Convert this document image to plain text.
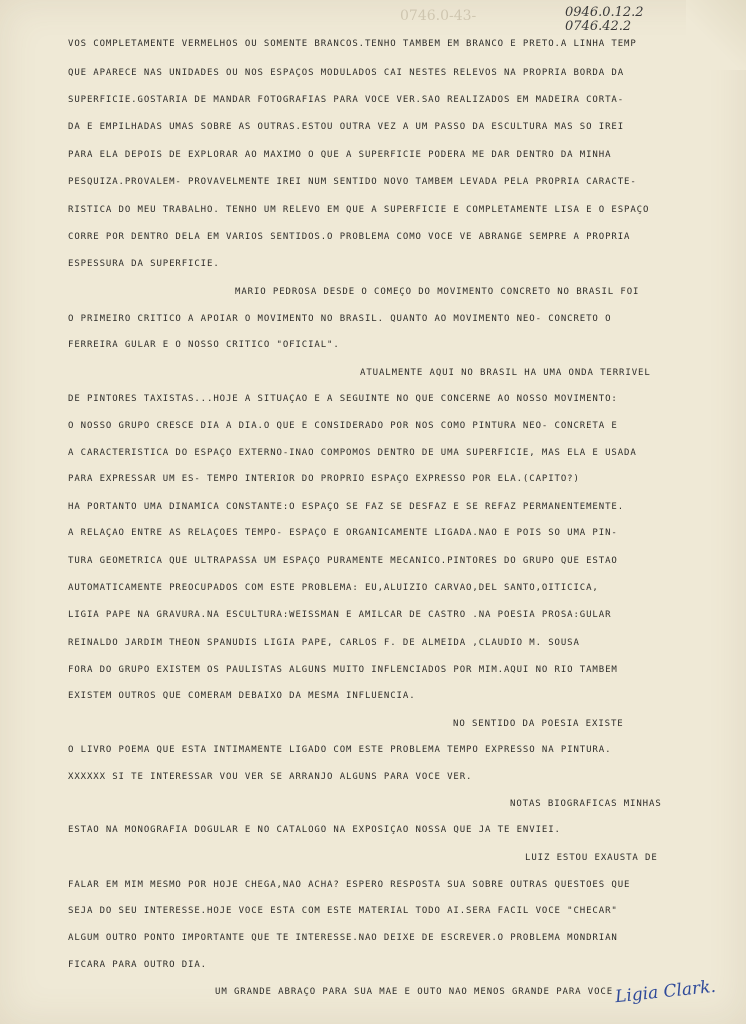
0746.0-43-	0946.0.12.2
0746.42.2
VOS COMPLETAMENTE VERMELHOS OU SOMENTE BRANCOS.TENHO TAMBEM EM BRANCO E PRETO.A LINHA TEMP
QUE APARECE NAS UNIDADES OU NOS ESPAÇOS MODULADOS CAI NESTES RELEVOS NA PROPRIA BORDA DA
SUPERFICIE.GOSTARIA DE MANDAR FOTOGRAFIAS PARA VOCE VER.SAO REALIZADOS EM MADEIRA CORTA-
DA E EMPILHADAS UMAS SOBRE AS OUTRAS.ESTOU OUTRA VEZ A UM PASSO DA ESCULTURA MAS SO IREI
PARA ELA DEPOIS DE EXPLORAR AO MAXIMO O QUE A SUPERFICIE PODERA ME DAR DENTRO DA MINHA
PESQUIZA.PROVALEM- PROVAVELMENTE IREI NUM SENTIDO NOVO TAMBEM LEVADA PELA PROPRIA CARACTE-
RISTICA DO MEU TRABALHO. TENHO UM RELEVO EM QUE A SUPERFICIE E COMPLETAMENTE LISA E O ESPAÇO
CORRE POR DENTRO DELA EM VARIOS SENTIDOS.O PROBLEMA COMO VOCE VE ABRANGE SEMPRE A PROPRIA
ESPESSURA DA SUPERFICIE.
MARIO PEDROSA DESDE O COMEÇO DO MOVIMENTO CONCRETO NO BRASIL FOI
O PRIMEIRO CRITICO A APOIAR O MOVIMENTO NO BRASIL. QUANTO AO MOVIMENTO NEO- CONCRETO O
FERREIRA GULAR E O NOSSO CRITICO "OFICIAL".
ATUALMENTE AQUI NO BRASIL HA UMA ONDA TERRIVEL
DE PINTORES TAXISTAS...HOJE A SITUAÇAO E A SEGUINTE NO QUE CONCERNE AO NOSSO MOVIMENTO:
O NOSSO GRUPO CRESCE DIA A DIA.O QUE E CONSIDERADO POR NOS COMO PINTURA NEO- CONCRETA E
A CARACTERISTICA DO ESPAÇO EXTERNO-INAO COMPOMOS DENTRO DE UMA SUPERFICIE, MAS ELA E USADA
PARA EXPRESSAR UM ES- TEMPO INTERIOR DO PROPRIO ESPAÇO EXPRESSO POR ELA.(CAPITO?)
HA PORTANTO UMA DINAMICA CONSTANTE:O ESPAÇO SE FAZ SE DESFAZ E SE REFAZ PERMANENTEMENTE.
A RELAÇAO ENTRE AS RELAÇOES TEMPO- ESPAÇO E ORGANICAMENTE LIGADA.NAO E POIS SO UMA PIN-
TURA GEOMETRICA QUE ULTRAPASSA UM ESPAÇO PURAMENTE MECANICO.PINTORES DO GRUPO QUE ESTAO
AUTOMATICAMENTE PREOCUPADOS COM ESTE PROBLEMA: EU,ALUIZIO CARVAO,DEL SANTO,OITICICA,
LIGIA PAPE NA GRAVURA.NA ESCULTURA:WEISSMAN E AMILCAR DE CASTRO .NA POESIA PROSA:GULAR
REINALDO JARDIM THEON SPANUDIS LIGIA PAPE, CARLOS F. DE ALMEIDA ,CLAUDIO M. SOUSA
FORA DO GRUPO EXISTEM OS PAULISTAS ALGUNS MUITO INFLENCIADOS POR MIM.AQUI NO RIO TAMBEM
EXISTEM OUTROS QUE COMERAM DEBAIXO DA MESMA INFLUENCIA.
NO SENTIDO DA POESIA EXISTE
O LIVRO POEMA QUE ESTA INTIMAMENTE LIGADO COM ESTE PROBLEMA TEMPO EXPRESSO NA PINTURA.
XXXXXX SI TE INTERESSAR VOU VER SE ARRANJO ALGUNS PARA VOCE VER.
NOTAS BIOGRAFICAS MINHAS
ESTAO NA MONOGRAFIA DOGULAR E NO CATALOGO NA EXPOSIÇAO NOSSA QUE JA TE ENVIEI.
LUIZ ESTOU EXAUSTA DE
FALAR EM MIM MESMO POR HOJE CHEGA,NAO ACHA? ESPERO RESPOSTA SUA SOBRE OUTRAS QUESTOES QUE
SEJA DO SEU INTERESSE.HOJE VOCE ESTA COM ESTE MATERIAL TODO AI.SERA FACIL VOCE "CHECAR"
ALGUM OUTRO PONTO IMPORTANTE QUE TE INTERESSE.NAO DEIXE DE ESCREVER.O PROBLEMA MONDRIAN
FICARA PARA OUTRO DIA.
UM GRANDE ABRAÇO PARA SUA MAE E OUTO NAO MENOS GRANDE PARA VOCE Ligia Clark.
